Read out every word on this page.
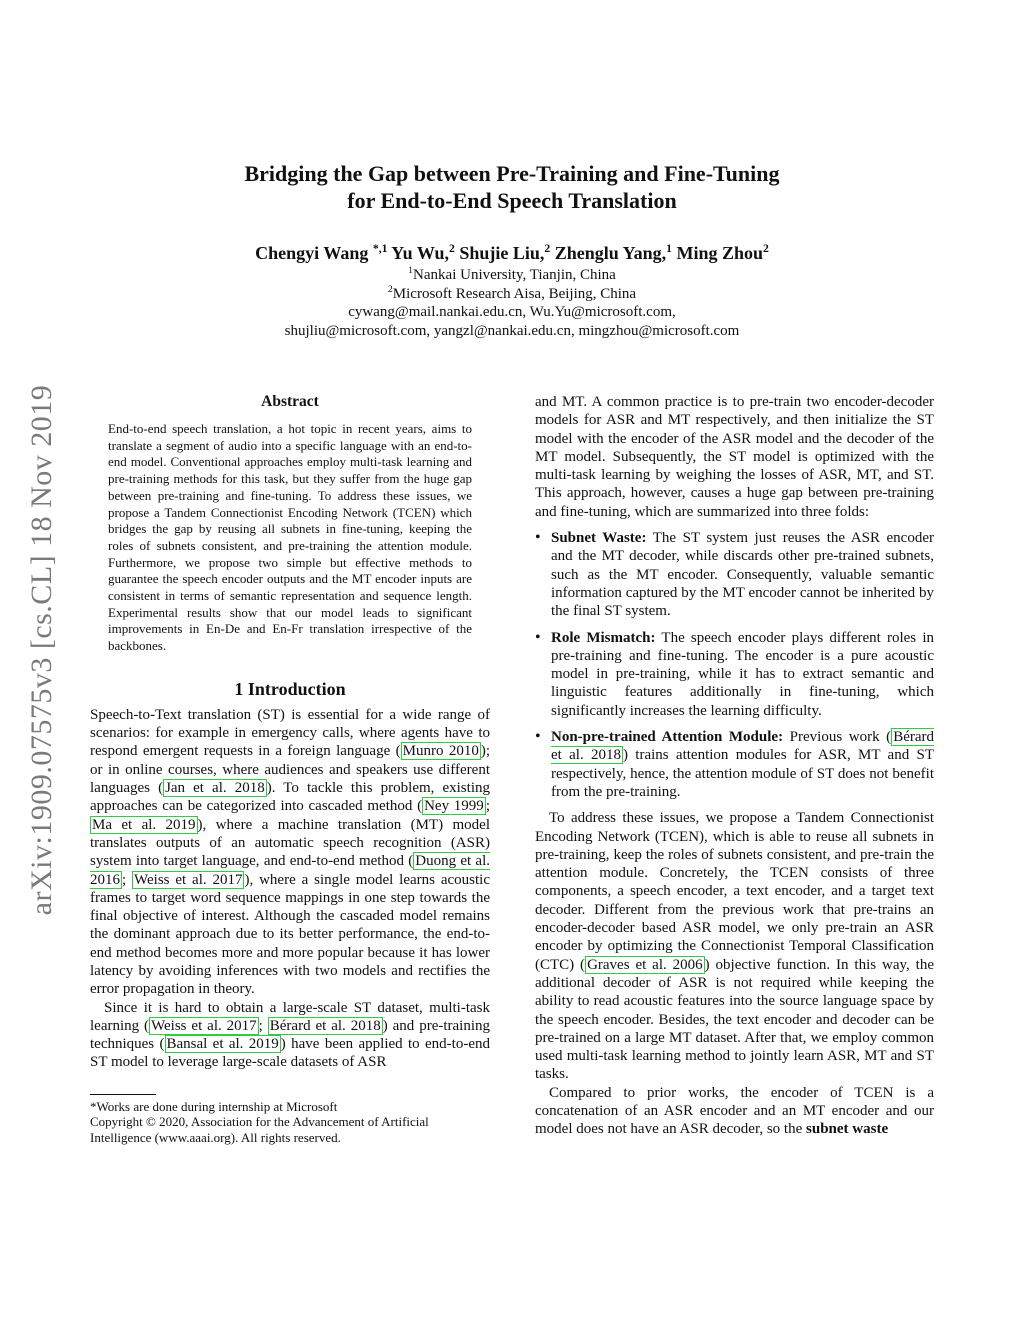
arXiv:1909.07575v3 [cs.CL] 18 Nov 2019
Bridging the Gap between Pre-Training and Fine-Tuning
for End-to-End Speech Translation
Chengyi Wang $^{*,1}$ Yu Wu,$^2$ Shujie Liu,$^2$ Zhenglu Yang,$^1$ Ming Zhou$^2$
$^1$Nankai University, Tianjin, China
$^2$Microsoft Research Aisa, Beijing, China
cywang@mail.nankai.edu.cn, Wu.Yu@microsoft.com,
shujliu@microsoft.com, yangzl@nankai.edu.cn, mingzhou@microsoft.com
Abstract

End-to-end speech translation, a hot topic in recent years, aims to translate a segment of audio into a specific language with an end-to-end model. Conventional approaches employ multi-task learning and pre-training methods for this task, but they suffer from the huge gap between pre-training and fine-tuning. To address these issues, we propose a Tandem Connectionist Encoding Network (TCEN) which bridges the gap by reusing all subnets in fine-tuning, keeping the roles of subnets consistent, and pre-training the attention module. Furthermore, we propose two simple but effective methods to guarantee the speech encoder outputs and the MT encoder inputs are consistent in terms of semantic representation and sequence length. Experimental results show that our model leads to significant improvements in En-De and En-Fr translation irrespective of the backbones.

1 Introduction

Speech-to-Text translation (ST) is essential for a wide range of scenarios: for example in emergency calls, where agents have to respond emergent requests in a foreign language ( Munro 2010 ); or in online courses, where audiences and speakers use different languages ( Jan et al. 2018 ). To tackle this problem, existing approaches can be categorized into cascaded method ( Ney 1999 ; Ma et al. 2019 ), where a machine translation (MT) model translates outputs of an automatic speech recognition (ASR) system into target language, and end-to-end method ( Duong et al. 2016 ; Weiss et al. 2017 ), where a single model learns acoustic frames to target word sequence mappings in one step towards the final objective of interest. Although the cascaded model remains the dominant approach due to its better performance, the end-to-end method becomes more and more popular because it has lower latency by avoiding inferences with two models and rectifies the error propagation in theory.

Since it is hard to obtain a large-scale ST dataset, multi-task learning ( Weiss et al. 2017 ; Bérard et al. 2018 ) and pre-training techniques ( Bansal et al. 2019 ) have been applied to end-to-end ST model to leverage large-scale datasets of ASR

*Works are done during internship at Microsoft

Copyright © 2020, Association for the Advancement of Artificial

Intelligence (www.aaai.org). All rights reserved.

and MT. A common practice is to pre-train two encoder-decoder models for ASR and MT respectively, and then initialize the ST model with the encoder of the ASR model and the decoder of the MT model. Subsequently, the ST model is optimized with the multi-task learning by weighing the losses of ASR, MT, and ST. This approach, however, causes a huge gap between pre-training and fine-tuning, which are summarized into three folds:

• Subnet Waste: The ST system just reuses the ASR encoder and the MT decoder, while discards other pre-trained subnets, such as the MT encoder. Consequently, valuable semantic information captured by the MT encoder cannot be inherited by the final ST system.
• Role Mismatch: The speech encoder plays different roles in pre-training and fine-tuning. The encoder is a pure acoustic model in pre-training, while it has to extract semantic and linguistic features additionally in fine-tuning, which significantly increases the learning difficulty.
• Non-pre-trained Attention Module: Previous work ( Bérard et al. 2018 ) trains attention modules for ASR, MT and ST respectively, hence, the attention module of ST does not benefit from the pre-training.

To address these issues, we propose a Tandem Connectionist Encoding Network (TCEN), which is able to reuse all subnets in pre-training, keep the roles of subnets consistent, and pre-train the attention module. Concretely, the TCEN consists of three components, a speech encoder, a text encoder, and a target text decoder. Different from the previous work that pre-trains an encoder-decoder based ASR model, we only pre-train an ASR encoder by optimizing the Connectionist Temporal Classification (CTC) ( Graves et al. 2006 ) objective function. In this way, the additional decoder of ASR is not required while keeping the ability to read acoustic features into the source language space by the speech encoder. Besides, the text encoder and decoder can be pre-trained on a large MT dataset. After that, we employ common used multi-task learning method to jointly learn ASR, MT and ST tasks.

Compared to prior works, the encoder of TCEN is a concatenation of an ASR encoder and an MT encoder and our model does not have an ASR decoder, so the subnet waste
